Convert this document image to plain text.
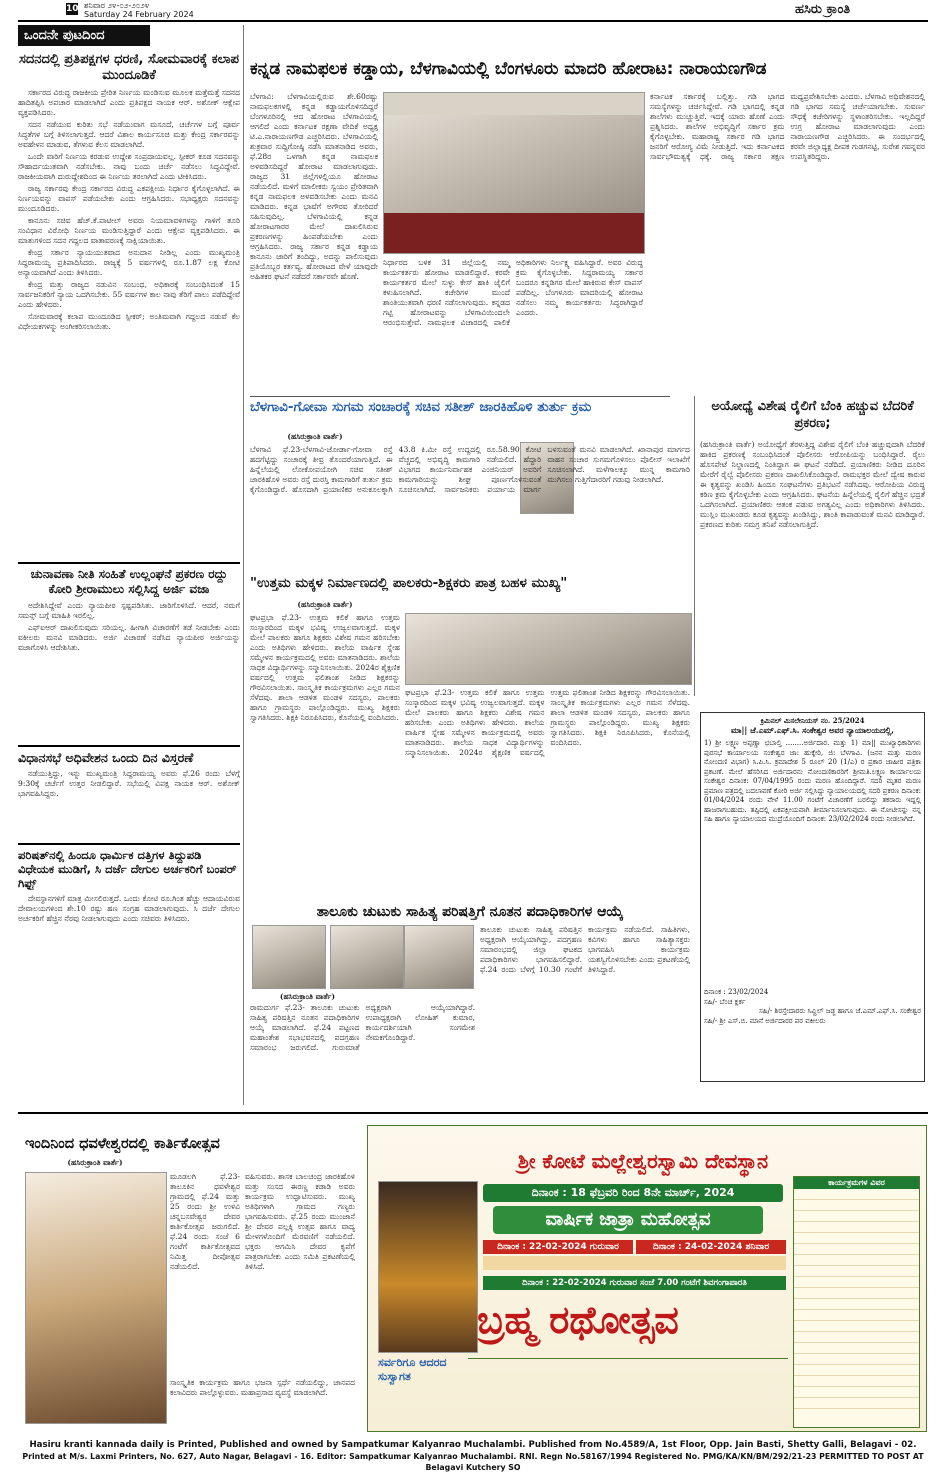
10 ಶನಿವಾರ ೨೪-೦೨-೨೦೨೪
Saturday 24 February 2024	ಹಸಿರು ಕ್ರಾಂತಿ
ಒಂದನೇ ಪುಟದಿಂದ
ಸದನದಲ್ಲಿ ಪ್ರತಿಪಕ್ಷಗಳ ಧರಣಿ, ಸೋಮವಾರಕ್ಕೆ ಕಲಾಪ ಮುಂದೂಡಿಕೆ

ಸರ್ಕಾರದ ವಿರುದ್ಧ ರಾಜಕೀಯ ಪ್ರೇರಿತ ನಿರ್ಣಯ ಮಂಡಿಸುವ ಮೂಲಕ ಮತ್ತೆಮತ್ತೆ ಸದನದ ಹಾದಿತಪ್ಪಿಸಿ ಅಪಚಾರ ಮಾಡಲಾಗಿದೆ ಎಂದು ಪ್ರತಿಪಕ್ಷದ ನಾಯಕ ಆರ್. ಅಶೋಕ್ ಆಕ್ಷೇಪ ವ್ಯಕ್ತಪಡಿಸಿದರು.

ಸದನ ನಡೆಯುವ ಕುರಿತು ಸಭೆ ನಡೆಯುವಾಗ ಮಸೂದೆ, ಚರ್ಚೆಗಳ ಬಗ್ಗೆ ಪೂರ್ವ ಸಿದ್ಧತೆಗಳ ಬಗ್ಗೆ ತಿಳಿಸಲಾಗುತ್ತದೆ. ಆದರೆ ವಿಶಾಲ ಕಾರ್ಯಸೂಚಿ ಮತ್ತು ಕೇಂದ್ರ ಸರ್ಕಾರವನ್ನು ಅವಹೇಳನ ಮಾಡುವ, ತೆಗಳುವ ಕೆಲಸ ಮಾಡಲಾಗಿದೆ.

ಒಂದೇ ವಾರಿಗೆ ನಿರ್ಣಯ ಕರಡುವ ಉದ್ದೇಶ ಸಂಪ್ರದಾಯವಲ್ಲ. ಸ್ಪೀಕರ್ ಕೂಡ ಸದನವನ್ನು ಸೌಹಾರ್ದಯುತವಾಗಿ ನಡೆಸಬೇಕು. ನಾವು ಬಂದು ಚರ್ಚೆ ನಡೆಸಲು ಸಿದ್ಧವಿದ್ದೇವೆ. ರಾಜಕೀಯವಾಗಿ ದುರುದ್ದೇಶದಿಂದ ಈ ನಿರ್ಣಯ ತರಲಾಗಿದೆ ಎಂದು ಟೀಕಿಸಿದರು.

ರಾಜ್ಯ ಸರ್ಕಾರವು ಕೇಂದ್ರ ಸರ್ಕಾರದ ವಿರುದ್ಧ ಎಕಪಕ್ಷೀಯ ನಿರ್ಧಾರ ಕೈಗೊಳ್ಳಲಾಗಿದೆ. ಈ ನಿರ್ಣಯವನ್ನು ವಾಪಸ್ ಪಡೆಯಬೇಕು ಎಂದು ಆಗ್ರಹಿಸಿದರು. ಸಭಾಧ್ಯಕ್ಷರು ಸದನವನ್ನು ಮುಂದೂಡಿದರು.

ಕಾನೂನು ಸಚಿವ ಹೆಚ್.ಕೆ.ಪಾಟೀಲ್ ಅವರು ನಿಯಮಾವಳಿಗಳನ್ನು ಗಾಳಿಗೆ ತೂರಿ ಸಂವಿಧಾನ ವಿರೋಧಿ ನಿರ್ಣಯ ಮಂಡಿಸುತ್ತಿದ್ದಾರೆ ಎಂದು ಆಕ್ಷೇಪ ವ್ಯಕ್ತಪಡಿಸಿದರು. ಈ ಮಾತುಗಳಿಂದ ಸದನ ಗದ್ದಲದ ವಾತಾವರಣಕ್ಕೆ ಸಾಕ್ಷಿಯಾಯಿತು.

ಕೇಂದ್ರ ಸರ್ಕಾರ ನ್ಯಾಯಯುತವಾದ ಅನುದಾನ ನೀಡಿಲ್ಲ ಎಂದು ಮುಖ್ಯಮಂತ್ರಿ ಸಿದ್ದರಾಮಯ್ಯ ಪ್ರತಿಪಾದಿಸಿದರು. ರಾಜ್ಯಕ್ಕೆ 5 ವರ್ಷಗಳಲ್ಲಿ ರೂ.1.87 ಲಕ್ಷ ಕೋಟಿ ಅನ್ಯಾಯವಾಗಿದೆ ಎಂದು ತಿಳಿಸಿದರು.

ಕೇಂದ್ರ ಮತ್ತು ರಾಜ್ಯದ ನಡುವಿನ ಸಂಬಂಧ, ಅಧಿಕಾರಕ್ಕೆ ಸಂಬಂಧಿಸಿದಂತೆ 15 ಸಾರ್ವಜನಿಕರಿಗೆ ನ್ಯಾಯ ಒದಗಿಸಬೇಕು. 55 ವರ್ಷಗಳ ಕಾಲ ನಾವು ತೆರಿಗೆ ಪಾಲು ಪಡೆದಿದ್ದೇವೆ ಎಂದು ಹೇಳಿದರು.

ಸೋಮವಾರಕ್ಕೆ ಕಲಾಪ ಮುಂದೂಡಿದ ಸ್ಪೀಕರ್; ಅಂತಿಮವಾಗಿ ಗದ್ದಲದ ನಡುವೆ ಕೆಲ ವಿಧೇಯಕಗಳನ್ನು ಅಂಗೀಕರಿಸಲಾಯಿತು.

ಚುನಾವಣಾ ನೀತಿ ಸಂಹಿತೆ ಉಲ್ಲಂಘನೆ ಪ್ರಕರಣ ರದ್ದು ಕೋರಿ ಶ್ರೀರಾಮುಲು ಸಲ್ಲಿಸಿದ್ದ ಅರ್ಜಿ ವಜಾ

ಅದೇಶಿಸಿದ್ದೇವೆ ಎಂದು ನ್ಯಾಯಪೀಠ ಸ್ಪಷ್ಟಪಡಿಸಿತು. ಜಾರಿಗೊಳಿಸಿದೆ. ಆದರೆ, ನಮಗೆ ಸಮನ್ಸ್ ಬಗ್ಗೆ ಮಾಹಿತಿ ಇರಲಿಲ್ಲ.

ಎಫ್‌ಐಆರ್ ದಾಖಲಿಸುವುದು ಸರಿಯಲ್ಲ. ಹೀಗಾಗಿ ವಿಚಾರಣೆಗೆ ತಡೆ ನೀಡಬೇಕು ಎಂದು ವಕೀಲರು ಮನವಿ ಮಾಡಿದರು. ಅರ್ಜಿ ವಿಚಾರಣೆ ನಡೆಸಿದ ನ್ಯಾಯಪೀಠ ಅರ್ಜಿಯನ್ನು ವಜಾಗೊಳಿಸಿ ಆದೇಶಿಸಿತು.

ವಿಧಾನಸಭೆ ಅಧಿವೇಶನ ಒಂದು ದಿನ ವಿಸ್ತರಣೆ

ನಡೆಯುತ್ತಿದ್ದು, ಇನ್ನು ಮುಖ್ಯಮಂತ್ರಿ ಸಿದ್ದರಾಮಯ್ಯ ಅವರು ಫೆ.26 ರಂದು ಬೆಳಗ್ಗೆ 9:30ಕ್ಕೆ ಚರ್ಚೆಗೆ ಉತ್ತರ ನೀಡಲಿದ್ದಾರೆ. ಸಭೆಯಲ್ಲಿ ವಿಪಕ್ಷ ನಾಯಕ ಆರ್. ಅಶೋಕ್ ಭಾಗವಹಿಸಿದ್ದರು.

ಪರಿಷತ್‌ನಲ್ಲಿ ಹಿಂದೂ ಧಾರ್ಮಿಕ ದತ್ತಿಗಳ ತಿದ್ದುಪಡಿ ವಿಧೇಯಕ ಮುಡಿಗೆ, ಸಿ ದರ್ಜೆ ದೇಗುಲ ಅರ್ಚಕರಿಗೆ ಬಂಪರ್ ಗಿಫ್ಟ್

ದೇವಸ್ಥಾನಗಳಿಗೆ ಮಾತ್ರ ಮೀಸಲಿರುತ್ತದೆ. ಒಂದು ಕೋಟಿ ರೂ.ಗಿಂತ ಹೆಚ್ಚು ಆದಾಯವಿರುವ ದೇವಾಲಯಗಳಿಂದ ಶೇ.10 ರಷ್ಟು ಹಣ ಸಂಗ್ರಹ ಮಾಡಲಾಗುವುದು. ಸಿ ದರ್ಜೆ ದೇಗುಲ ಅರ್ಚಕರಿಗೆ ಹೆಚ್ಚಿನ ನೆರವು ನೀಡಲಾಗುವುದು ಎಂದು ಸಚಿವರು ತಿಳಿಸಿದರು.

ಕನ್ನಡ ನಾಮಫಲಕ ಕಡ್ಡಾಯ, ಬೆಳಗಾವಿಯಲ್ಲಿ ಬೆಂಗಳೂರು ಮಾದರಿ ಹೋರಾಟ: ನಾರಾಯಣಗೌಡ
ಬೆಳಗಾವಿ: ಬೆಳಗಾವಿಯಲ್ಲಿರುವ ಶೇ.60ರಷ್ಟು ನಾಮಫಲಕಗಳಲ್ಲಿ ಕನ್ನಡ ಕಡ್ಡಾಯಗೊಳಿಸದಿದ್ದರೆ ಬೆಂಗಳೂರಿನಲ್ಲಿ ಆದ ಹೋರಾಟ ಬೆಳಗಾವಿಯಲ್ಲಿ ಆಗಲಿದೆ ಎಂದು ಕರ್ನಾಟಕ ರಕ್ಷಣಾ ವೇದಿಕೆ ಅಧ್ಯಕ್ಷ ಟಿ.ಎ.ನಾರಾಯಣಗೌಡ ಎಚ್ಚರಿಸಿದರು. ಬೆಳಗಾವಿಯಲ್ಲಿ ಶುಕ್ರವಾರ ಸುದ್ದಿಗೋಷ್ಠಿ ನಡೆಸಿ ಮಾತನಾಡಿದ ಅವರು, ಫೆ.28ರ ಒಳಗಾಗಿ ಕನ್ನಡ ನಾಮಫಲಕ ಅಳವಡಿಸದಿದ್ದರೆ ಹೋರಾಟ ಮಾಡಲಾಗುವುದು. ರಾಜ್ಯದ 31 ಜಿಲ್ಲೆಗಳಲ್ಲಿಯೂ ಹೋರಾಟ ನಡೆಯಲಿದೆ. ಮಳಿಗೆ ಮಾಲೀಕರು ಸ್ವಯಂ ಪ್ರೇರಿತವಾಗಿ ಕನ್ನಡ ನಾಮಫಲಕ ಅಳವಡಿಸಬೇಕು ಎಂದು ಮನವಿ ಮಾಡಿದರು. ಕನ್ನಡ ಭಾಷೆಗೆ ಅಗೌರವ ತೋರಿದರೆ ಸಹಿಸುವುದಿಲ್ಲ. ಬೆಳಗಾವಿಯಲ್ಲಿ ಕನ್ನಡ ಹೋರಾಟಗಾರರ ಮೇಲೆ ದಾಖಲಿಸಿರುವ ಪ್ರಕರಣಗಳನ್ನು ಹಿಂಪಡೆಯಬೇಕು ಎಂದು ಆಗ್ರಹಿಸಿದರು. ರಾಜ್ಯ ಸರ್ಕಾರ ಕನ್ನಡ ಕಡ್ಡಾಯ ಕಾನೂನು ಜಾರಿಗೆ ತಂದಿದ್ದು, ಅದನ್ನು ಪಾಲಿಸುವುದು ಪ್ರತಿಯೊಬ್ಬರ ಕರ್ತವ್ಯ. ಹೋರಾಟದ ವೇಳೆ ಯಾವುದೇ ಅಹಿತಕರ ಘಟನೆ ನಡೆದರೆ ಸರ್ಕಾರವೇ ಹೊಣೆ.
ನಿರ್ಧಾರದ ಬಳಿಕ 31 ಜಿಲ್ಲೆಯಲ್ಲಿ ನಮ್ಮ ಕಾರ್ಯಕರ್ತರು ಹೋರಾಟ ಮಾಡಲಿದ್ದಾರೆ. ಕರವೇ ಕಾರ್ಯಕರ್ತರ ಮೇಲೆ ಸುಳ್ಳು ಕೇಸ್ ಹಾಕಿ ಜೈಲಿಗೆ ಕಳುಹಿಸಲಾಗಿದೆ. ಕಚೇರಿಗಳ ಮುಂದೆ ಶಾಂತಿಯುತವಾಗಿ ಧರಣಿ ನಡೆಸಲಾಗುವುದು. ಕನ್ನಡದ ಗಟ್ಟಿ ಹೋರಾಟವನ್ನು ಬೆಳಗಾವಿಯಿಂದಲೇ ಆರಂಭಿಸುತ್ತೇವೆ. ನಾಮಫಲಕ ವಿಚಾರದಲ್ಲಿ ಪಾಲಿಕೆ ಅಧಿಕಾರಿಗಳು ನಿರ್ಲಕ್ಷ್ಯ ವಹಿಸಿದ್ದಾರೆ. ಅವರ ವಿರುದ್ಧ ಕ್ರಮ ಕೈಗೊಳ್ಳಬೇಕು. ಸಿದ್ದರಾಮಯ್ಯ ಸರ್ಕಾರ ಬಂದರೂ ಕನ್ನಡಿಗರ ಮೇಲೆ ಹಾಕಿರುವ ಕೇಸ್ ವಾಪಸ್ ಪಡೆದಿಲ್ಲ. ಬೆಂಗಳೂರು ಮಾದರಿಯಲ್ಲಿ ಹೋರಾಟ ನಡೆಸಲು ನಮ್ಮ ಕಾರ್ಯಕರ್ತರು ಸಿದ್ಧರಾಗಿದ್ದಾರೆ ಎಂದರು.
ಕರ್ನಾಟಕ ಸರ್ಕಾರಕ್ಕೆ ಬಲ್ಲಿತ್ತು. ಗಡಿ ಭಾಗದ ಸಮಸ್ಯೆಗಳನ್ನು ಚರ್ಚಿಸಿದ್ದೇವೆ. ಗಡಿ ಭಾಗದಲ್ಲಿ ಕನ್ನಡ ಶಾಲೆಗಳು ಮುಚ್ಚುತ್ತಿವೆ. ಇದಕ್ಕೆ ಯಾರು ಹೊಣೆ ಎಂದು ಪ್ರಶ್ನಿಸಿದರು. ಶಾಲೆಗಳ ಅಭಿವೃದ್ಧಿಗೆ ಸರ್ಕಾರ ಕ್ರಮ ಕೈಗೊಳ್ಳಬೇಕು. ಮಹಾರಾಷ್ಟ್ರ ಸರ್ಕಾರ ಗಡಿ ಭಾಗದ ಜನರಿಗೆ ಆರೋಗ್ಯ ವಿಮೆ ನೀಡುತ್ತಿದೆ. ಇದು ಕರ್ನಾಟಕದ ಸಾರ್ವಭೌಮತ್ವಕ್ಕೆ ಧಕ್ಕೆ. ರಾಜ್ಯ ಸರ್ಕಾರ ತಕ್ಷಣ ಮಧ್ಯಪ್ರವೇಶಿಸಬೇಕು ಎಂದರು. ಬೆಳಗಾವಿ ಅಧಿವೇಶನದಲ್ಲಿ ಗಡಿ ಭಾಗದ ಸಮಸ್ಯೆ ಚರ್ಚೆಯಾಗಬೇಕು. ಸುವರ್ಣ ಸೌಧಕ್ಕೆ ಕಚೇರಿಗಳನ್ನು ಸ್ಥಳಾಂತರಿಸಬೇಕು. ಇಲ್ಲದಿದ್ದರೆ ಉಗ್ರ ಹೋರಾಟ ಮಾಡಲಾಗುವುದು ಎಂದು ನಾರಾಯಣಗೌಡ ಎಚ್ಚರಿಸಿದರು. ಈ ಸಂದರ್ಭದಲ್ಲಿ ಕರವೇ ಜಿಲ್ಲಾಧ್ಯಕ್ಷ ದೀಪಕ ಗುಡಗನಟ್ಟಿ, ಸುರೇಶ ಗವನ್ನವರ ಉಪಸ್ಥಿತರಿದ್ದರು.
ಬೆಳಗಾವಿ-ಗೋವಾ ಸುಗಮ ಸಂಚಾರಕ್ಕೆ ಸಚಿವ ಸತೀಶ್ ಜಾರಕಿಹೊಳಿ ತುರ್ತು ಕ್ರಮ
(ಹಸಿರುಕ್ರಾಂತಿ ವಾರ್ತೆ)
ಬೆಳಗಾವಿ ಫೆ.23-ಬೆಳಗಾವಿ-ಜೋರ್ಡಾ-ಗೋವಾ ರಸ್ತೆ ಹದಗೆಟ್ಟಿದ್ದು ಸಂಚಾರಕ್ಕೆ ತೀವ್ರ ತೊಂದರೆಯಾಗುತ್ತಿದೆ. ಈ ಹಿನ್ನೆಲೆಯಲ್ಲಿ ಲೋಕೋಪಯೋಗಿ ಸಚಿವ ಸತೀಶ್ ಜಾರಕಿಹೊಳಿ ಅವರು ರಸ್ತೆ ದುರಸ್ತಿ ಕಾಮಗಾರಿಗೆ ತುರ್ತು ಕ್ರಮ ಕೈಗೊಂಡಿದ್ದಾರೆ. ಹೊಸದಾಗಿ ಪ್ರಯಾಣಿಕರ ಅನುಕೂಲಕ್ಕಾಗಿ 43.8 ಕಿ.ಮೀ ರಸ್ತೆ ಉದ್ದದಲ್ಲಿ ರೂ.58.90 ಕೋಟಿ ವೆಚ್ಚದಲ್ಲಿ ಅಭಿವೃದ್ಧಿ ಕಾಮಗಾರಿ ನಡೆಯಲಿದೆ. ಹೆದ್ದಾರಿ ವಿಭಾಗದ ಕಾರ್ಯನಿರ್ವಾಹಕ ಎಂಜಿನಿಯರ್ ಅವರಿಗೆ ಕಾಮಗಾರಿಯನ್ನು ಶೀಘ್ರ ಪೂರ್ಣಗೊಳಿಸುವಂತೆ ಸೂಚಿಸಲಾಗಿದೆ. ಸಾರ್ವಜನಿಕರು ಪರ್ಯಾಯ ಮಾರ್ಗ ಬಳಸುವಂತೆ ಮನವಿ ಮಾಡಲಾಗಿದೆ. ಖಾನಾಪುರ ಮಾರ್ಗದ ವಾಹನ ಸಂಚಾರ ಸುಗಮಗೊಳಿಸಲು ಪೊಲೀಸ್ ಇಲಾಖೆಗೆ ಸೂಚಿಸಲಾಗಿದೆ. ಮಳೆಗಾಲಕ್ಕೂ ಮುನ್ನ ಕಾಮಗಾರಿ ಮುಗಿಸಲು ಗುತ್ತಿಗೆದಾರರಿಗೆ ಗಡುವು ನೀಡಲಾಗಿದೆ.
ಅಯೋಧ್ಯೆ ವಿಶೇಷ ರೈಲಿಗೆ ಬೆಂಕಿ ಹಚ್ಚುವ ಬೆದರಿಕೆ ಪ್ರಕರಣ;
(ಹಸಿರುಕ್ರಾಂತಿ ವಾರ್ತೆ) ಅಯೋಧ್ಯೆಗೆ ತೆರಳುತ್ತಿದ್ದ ವಿಶೇಷ ರೈಲಿಗೆ ಬೆಂಕಿ ಹಚ್ಚುವುದಾಗಿ ಬೆದರಿಕೆ ಹಾಕಿದ ಪ್ರಕರಣಕ್ಕೆ ಸಂಬಂಧಿಸಿದಂತೆ ಪೊಲೀಸರು ಆರೋಪಿಯನ್ನು ಬಂಧಿಸಿದ್ದಾರೆ. ರೈಲು ಹೊಸಪೇಟೆ ನಿಲ್ದಾಣದಲ್ಲಿ ನಿಂತಿದ್ದಾಗ ಈ ಘಟನೆ ನಡೆದಿದೆ. ಪ್ರಯಾಣಿಕರು ನೀಡಿದ ದೂರಿನ ಮೇರೆಗೆ ರೈಲ್ವೆ ಪೊಲೀಸರು ಪ್ರಕರಣ ದಾಖಲಿಸಿಕೊಂಡಿದ್ದಾರೆ. ರಾಮಭಕ್ತರ ಮೇಲೆ ದ್ವೇಷ ಕಾರುವ ಈ ಕೃತ್ಯವನ್ನು ಖಂಡಿಸಿ ಹಿಂದೂ ಸಂಘಟನೆಗಳು ಪ್ರತಿಭಟನೆ ನಡೆಸಿದವು. ಆರೋಪಿಯ ವಿರುದ್ಧ ಕಠಿಣ ಕ್ರಮ ಕೈಗೊಳ್ಳಬೇಕು ಎಂದು ಆಗ್ರಹಿಸಿದರು. ಘಟನೆಯ ಹಿನ್ನೆಲೆಯಲ್ಲಿ ರೈಲಿಗೆ ಹೆಚ್ಚಿನ ಭದ್ರತೆ ಒದಗಿಸಲಾಗಿದೆ. ಪ್ರಯಾಣಿಕರು ಆತಂಕ ಪಡುವ ಅಗತ್ಯವಿಲ್ಲ ಎಂದು ಅಧಿಕಾರಿಗಳು ತಿಳಿಸಿದರು. ಮುಸ್ಲಿಂ ಮುಖಂಡರು ಕೂಡ ಕೃತ್ಯವನ್ನು ಖಂಡಿಸಿದ್ದು, ಶಾಂತಿ ಕಾಪಾಡುವಂತೆ ಮನವಿ ಮಾಡಿದ್ದಾರೆ. ಪ್ರಕರಣದ ಕುರಿತು ಸಮಗ್ರ ತನಿಖೆ ನಡೆಸಲಾಗುತ್ತಿದೆ.
"ಉತ್ತಮ ಮಕ್ಕಳ ನಿರ್ಮಾಣದಲ್ಲಿ ಪಾಲಕರು-ಶಿಕ್ಷಕರು ಪಾತ್ರ ಬಹಳ ಮುಖ್ಯ"
(ಹಸಿರುಕ್ರಾಂತಿ ವಾರ್ತೆ)
ಘಟಪ್ರಭಾ ಫೆ.23- ಉತ್ತಮ ಕಲಿಕೆ ಹಾಗೂ ಉತ್ತಮ ಸಂಸ್ಕಾರದಿಂದ ಮಕ್ಕಳ ಭವಿಷ್ಯ ಉಜ್ವಲವಾಗುತ್ತದೆ. ಮಕ್ಕಳ ಮೇಲೆ ಪಾಲಕರು ಹಾಗೂ ಶಿಕ್ಷಕರು ವಿಶೇಷ ಗಮನ ಹರಿಸಬೇಕು ಎಂದು ಅತಿಥಿಗಳು ಹೇಳಿದರು. ಶಾಲೆಯ ವಾರ್ಷಿಕ ಸ್ನೇಹ ಸಮ್ಮೇಳನ ಕಾರ್ಯಕ್ರಮದಲ್ಲಿ ಅವರು ಮಾತನಾಡಿದರು. ಶಾಲೆಯ ಸಾಧಕ ವಿದ್ಯಾರ್ಥಿಗಳನ್ನು ಸನ್ಮಾನಿಸಲಾಯಿತು. 2024ರ ಶೈಕ್ಷಣಿಕ ವರ್ಷದಲ್ಲಿ ಉತ್ತಮ ಫಲಿತಾಂಶ ನೀಡಿದ ಶಿಕ್ಷಕರನ್ನು ಗೌರವಿಸಲಾಯಿತು. ಸಾಂಸ್ಕೃತಿಕ ಕಾರ್ಯಕ್ರಮಗಳು ಎಲ್ಲರ ಗಮನ ಸೆಳೆದವು. ಶಾಲಾ ಆಡಳಿತ ಮಂಡಳಿ ಸದಸ್ಯರು, ಪಾಲಕರು ಹಾಗೂ ಗ್ರಾಮಸ್ಥರು ಪಾಲ್ಗೊಂಡಿದ್ದರು. ಮುಖ್ಯ ಶಿಕ್ಷಕರು ಸ್ವಾಗತಿಸಿದರು. ಶಿಕ್ಷಕಿ ನಿರೂಪಿಸಿದರು, ಕೊನೆಯಲ್ಲಿ ವಂದಿಸಿದರು.
ಘಟಪ್ರಭಾ ಫೆ.23- ಉತ್ತಮ ಕಲಿಕೆ ಹಾಗೂ ಉತ್ತಮ ಸಂಸ್ಕಾರದಿಂದ ಮಕ್ಕಳ ಭವಿಷ್ಯ ಉಜ್ವಲವಾಗುತ್ತದೆ. ಮಕ್ಕಳ ಮೇಲೆ ಪಾಲಕರು ಹಾಗೂ ಶಿಕ್ಷಕರು ವಿಶೇಷ ಗಮನ ಹರಿಸಬೇಕು ಎಂದು ಅತಿಥಿಗಳು ಹೇಳಿದರು. ಶಾಲೆಯ ವಾರ್ಷಿಕ ಸ್ನೇಹ ಸಮ್ಮೇಳನ ಕಾರ್ಯಕ್ರಮದಲ್ಲಿ ಅವರು ಮಾತನಾಡಿದರು. ಶಾಲೆಯ ಸಾಧಕ ವಿದ್ಯಾರ್ಥಿಗಳನ್ನು ಸನ್ಮಾನಿಸಲಾಯಿತು. 2024ರ ಶೈಕ್ಷಣಿಕ ವರ್ಷದಲ್ಲಿ ಉತ್ತಮ ಫಲಿತಾಂಶ ನೀಡಿದ ಶಿಕ್ಷಕರನ್ನು ಗೌರವಿಸಲಾಯಿತು. ಸಾಂಸ್ಕೃತಿಕ ಕಾರ್ಯಕ್ರಮಗಳು ಎಲ್ಲರ ಗಮನ ಸೆಳೆದವು. ಶಾಲಾ ಆಡಳಿತ ಮಂಡಳಿ ಸದಸ್ಯರು, ಪಾಲಕರು ಹಾಗೂ ಗ್ರಾಮಸ್ಥರು ಪಾಲ್ಗೊಂಡಿದ್ದರು. ಮುಖ್ಯ ಶಿಕ್ಷಕರು ಸ್ವಾಗತಿಸಿದರು. ಶಿಕ್ಷಕಿ ನಿರೂಪಿಸಿದರು, ಕೊನೆಯಲ್ಲಿ ವಂದಿಸಿದರು.
ಕ್ರಿಮಿನಲ್ ಮಿಸಲೇನಿಯಸ್ ನಂ. 25/2024
ಮಾ|| ಜೆ.ಎಮ್.ಎಫ್.ಸಿ. ಸಂಕೇಶ್ವರ ಅವರ ನ್ಯಾಯಾಲಯದಲ್ಲಿ,
1) ಶ್ರೀ ಲಕ್ಷ್ಮಣ ಅಪ್ಪಣ್ಣಾ ಛಬಾಲ್ತಿ ........ಅರ್ಜಿದಾರ. ಮತ್ತು 1) ಮಾ|| ಮುಖ್ಯಾಧಿಕಾರಿಗಳು ಪುರಸಭೆ ಕಾರ್ಯಾಲಯ ಸಂಕೇಶ್ವರ ಜಾ: ಹುಕ್ಕೇರಿ, ಜಿ: ಬೆಳಗಾವಿ. (ಜನನ ಮತ್ತು ಮರಣ ನೋಂದಣಿ ವಿಭಾಗ) ಸಿ.ಪಿ.ಸಿ. ಕ್ರಮಾದೇಶ 5 ರೂಲ್ 20 (1/ಎ) ರ ಪ್ರಕಾರ ಜಾಹೀರ ಪತ್ರಿಕಾ ಪ್ರಕಟಣೆ. ಮೇಲೆ ಹೆಸರಿಸಿದ ಅರ್ಜಿದಾರನು ನೋಂದಣಿಕಾರರಿಗೆ ಶ್ರೀಮತಿ.ಲಕ್ಷ್ಮಣ ಕಾರ್ಯಾಲಯ ಸಂಕೇಶ್ವರ ದಿನಾಂಕ: 07/04/1995 ರಂದು ಮರಣ ಹೊಂದಿದ್ದಾರೆ. ಸದರಿ ಮೃತರ ಮರಣ ಪ್ರಮಾಣ ಪತ್ರದಲ್ಲಿ ಬದಲಾವಣೆ ಕೋರಿ ಅರ್ಜಿ ಸಲ್ಲಿಸಿದ್ದು ನ್ಯಾಯಾಲಯದಲ್ಲಿ ಸದರಿ ಪ್ರಕರಣ ದಿನಾಂಕ: 01/04/2024 ರಂದು ವೇಳೆ 11.00 ಗಂಟೆಗೆ ವಿಚಾರಣೆಗೆ ಬರಲಿದ್ದು ತಕರಾರು ಇದ್ದಲ್ಲಿ ಹಾಜರಾಗಬಹುದು. ತಪ್ಪಿದಲ್ಲಿ ಏಕಪಕ್ಷೀಯವಾಗಿ ತೀರ್ಮಾನಿಸಲಾಗುವುದು. ಈ ನೋಟೀಸನ್ನು ನನ್ನ ಸಹಿ ಹಾಗೂ ನ್ಯಾಯಾಲಯದ ಮುದ್ರೆಯೊಂದಿಗೆ ದಿನಾಂಕ: 23/02/2024 ರಂದು ನೀಡಲಾಗಿದೆ.
ದಿನಾಂಕ : 23/02/2024
ಸಹಿ/- ಬೆಂಚ ಕ್ಲರ್ಕ
ಸಹಿ/- ಶಿರಸ್ತೇದಾರರು ಸಿವ್ಹಿಲ್ ಜಡ್ಜ ಹಾಗೂ ಜೆ.ಎಮ್.ಎಫ್.ಸಿ. ಸಂಕೇಶ್ವರ
ಸಹಿ/- ಶ್ರೀ ಎಸ್.ಬಿ. ಮಾನೆ ಅರ್ಜಿದಾರರ ಪರ ವಕೀಲರು
ತಾಲೂಕು ಚುಟುಕು ಸಾಹಿತ್ಯ ಪರಿಷತ್ತಿಗೆ ನೂತನ ಪದಾಧಿಕಾರಿಗಳ ಆಯ್ಕೆ
(ಹಸಿರುಕ್ರಾಂತಿ ವಾರ್ತೆ)
ರಾಮದುರ್ಗ ಫೆ.23- ತಾಲೂಕು ಚುಟುಕು ಸಾಹಿತ್ಯ ಪರಿಷತ್ತಿನ ನೂತನ ಪದಾಧಿಕಾರಿಗಳ ಆಯ್ಕೆ ಮಾಡಲಾಗಿದೆ. ಫೆ.24 ಪಟ್ಟಣದ ಮಹಾಂತೇಶ ಸಭಾಭವನದಲ್ಲಿ ಪದಗ್ರಹಣ ಸಮಾರಂಭ ಜರುಗಲಿದೆ. ಗುರುಮಾತೆ ಅಧ್ಯಕ್ಷರಾಗಿ ಆಯ್ಕೆಯಾಗಿದ್ದಾರೆ. ಉಪಾಧ್ಯಕ್ಷರಾಗಿ ಲೋಹಿತ್ ಕುಮಾರ, ಕಾರ್ಯದರ್ಶಿಯಾಗಿ ಸಂಗಮೇಶ ನೇಮಕಗೊಂಡಿದ್ದಾರೆ.
ತಾಲೂಕು ಚುಟುಕು ಸಾಹಿತ್ಯ ಪರಿಷತ್ತಿನ ಅಧ್ಯಕ್ಷರಾಗಿ ಆಯ್ಕೆಯಾಗಿದ್ದು, ಪದಗ್ರಹಣ ಸಮಾರಂಭದಲ್ಲಿ ಜಿಲ್ಲಾ ಘಟಕದ ಪದಾಧಿಕಾರಿಗಳು ಭಾಗವಹಿಸಲಿದ್ದಾರೆ. ಫೆ.24 ರಂದು ಬೆಳಗ್ಗೆ 10.30 ಗಂಟೆಗೆ ಕಾರ್ಯಕ್ರಮ ನಡೆಯಲಿದೆ. ಸಾಹಿತಿಗಳು, ಕವಿಗಳು ಹಾಗೂ ಸಾಹಿತ್ಯಾಸಕ್ತರು ಭಾಗವಹಿಸಿ ಕಾರ್ಯಕ್ರಮ ಯಶಸ್ವಿಗೊಳಿಸಬೇಕು ಎಂದು ಪ್ರಕಟಣೆಯಲ್ಲಿ ತಿಳಿಸಿದ್ದಾರೆ.
ಇಂದಿನಿಂದ ಧವಳೇಶ್ವರದಲ್ಲಿ ಕಾರ್ತಿಕೋತ್ಸವ
(ಹಸಿರುಕ್ರಾಂತಿ ವಾರ್ತೆ)
ಮೂಡಲಗಿ ಫೆ.23- ತಾಲೂಕಿನ ಧವಳೇಶ್ವರ ಗ್ರಾಮದಲ್ಲಿ ಫೆ.24 ಮತ್ತು 25 ರಂದು ಶ್ರೀ ಉಳವಿ ಚನ್ನಬಸವೇಶ್ವರ ದೇವರ ಕಾರ್ತಿಕೋತ್ಸವ ಜರುಗಲಿದೆ. ಫೆ.24 ರಂದು ಸಂಜೆ 6 ಗಂಟೆಗೆ ಕಾರ್ತಿಕೋತ್ಸವದ ನಿಮಿತ್ತ ದೀಪೋತ್ಸವ ನಡೆಯಲಿದೆ.
ವಹಿಸುವರು. ಶಾಸಕ ಬಾಲಚಂದ್ರ ಜಾರಕಿಹೊಳಿ ಮತ್ತು ಸಂಸದ ಈರಣ್ಣ ಕಡಾಡಿ ಅವರು ಕಾರ್ಯಕ್ರಮ ಉದ್ಘಾಟಿಸುವರು. ಮುಖ್ಯ ಅತಿಥಿಗಳಾಗಿ ಗ್ರಾಮದ ಗಣ್ಯರು ಭಾಗವಹಿಸುವರು. ಫೆ.25 ರಂದು ಮುಂಜಾನೆ ಶ್ರೀ ದೇವರ ಪಲ್ಲಕ್ಕಿ ಉತ್ಸವ ಹಾಗೂ ವಾದ್ಯ ಮೇಳಗಳೊಂದಿಗೆ ಮೆರವಣಿಗೆ ನಡೆಯಲಿದೆ. ಭಕ್ತರು ಆಗಮಿಸಿ ದೇವರ ಕೃಪೆಗೆ ಪಾತ್ರರಾಗಬೇಕು ಎಂದು ಸಮಿತಿ ಪ್ರಕಟಣೆಯಲ್ಲಿ ತಿಳಿಸಿದೆ.
ಸಾಂಸ್ಕೃತಿಕ ಕಾರ್ಯಕ್ರಮ ಹಾಗೂ ಭಜನಾ ಸ್ಪರ್ಧೆ ನಡೆಯಲಿದ್ದು, ಜಾನಪದ ಕಲಾವಿದರು ಪಾಲ್ಗೊಳ್ಳುವರು. ಮಹಾಪ್ರಸಾದ ವ್ಯವಸ್ಥೆ ಮಾಡಲಾಗಿದೆ.
ಶ್ರೀ ಕೋಟೆ ಮಲ್ಲೇಶ್ವರಸ್ವಾಮಿ ದೇವಸ್ಥಾನ
ದಿನಾಂಕ : 18 ಫೆಬ್ರವರಿ ರಿಂದ 8ನೇ ಮಾರ್ಚ್, 2024
ವಾರ್ಷಿಕ ಜಾತ್ರಾ ಮಹೋತ್ಸವ
ದಿನಾಂಕ : 22-02-2024 ಗುರುವಾರ	ದಿನಾಂಕ : 24-02-2024 ಶನಿವಾರ
ದಿನಾಂಕ : 22-02-2024 ಗುರುವಾರ ಸಂಜೆ 7.00 ಗಂಟೆಗೆ ಶಿವಗಂಗಾಪಾರತಿ
ಬ್ರಹ್ಮ ರಥೋತ್ಸವ
ಸರ್ವರಿಗೂ ಆದರದ ಸುಸ್ವಾಗತ
ಕಾರ್ಯಕ್ರಮಗಳ ವಿವರ
Hasiru kranti kannada daily is Printed, Published and owned by Sampatkumar Kalyanrao Muchalambi. Published from No.4589/A, 1st Floor, Opp. Jain Basti, Shetty Galli, Belagavi - 02.
Printed at M/s. Laxmi Printers, No. 627, Auto Nagar, Belagavi - 16. Editor: Sampatkumar Kalyanrao Muchalambi. RNI. Regn No.58167/1994 Registered No. PMG/KA/KN/BM/292/21-23 PERMITTED TO POST AT Belagavi Kutchery SO
